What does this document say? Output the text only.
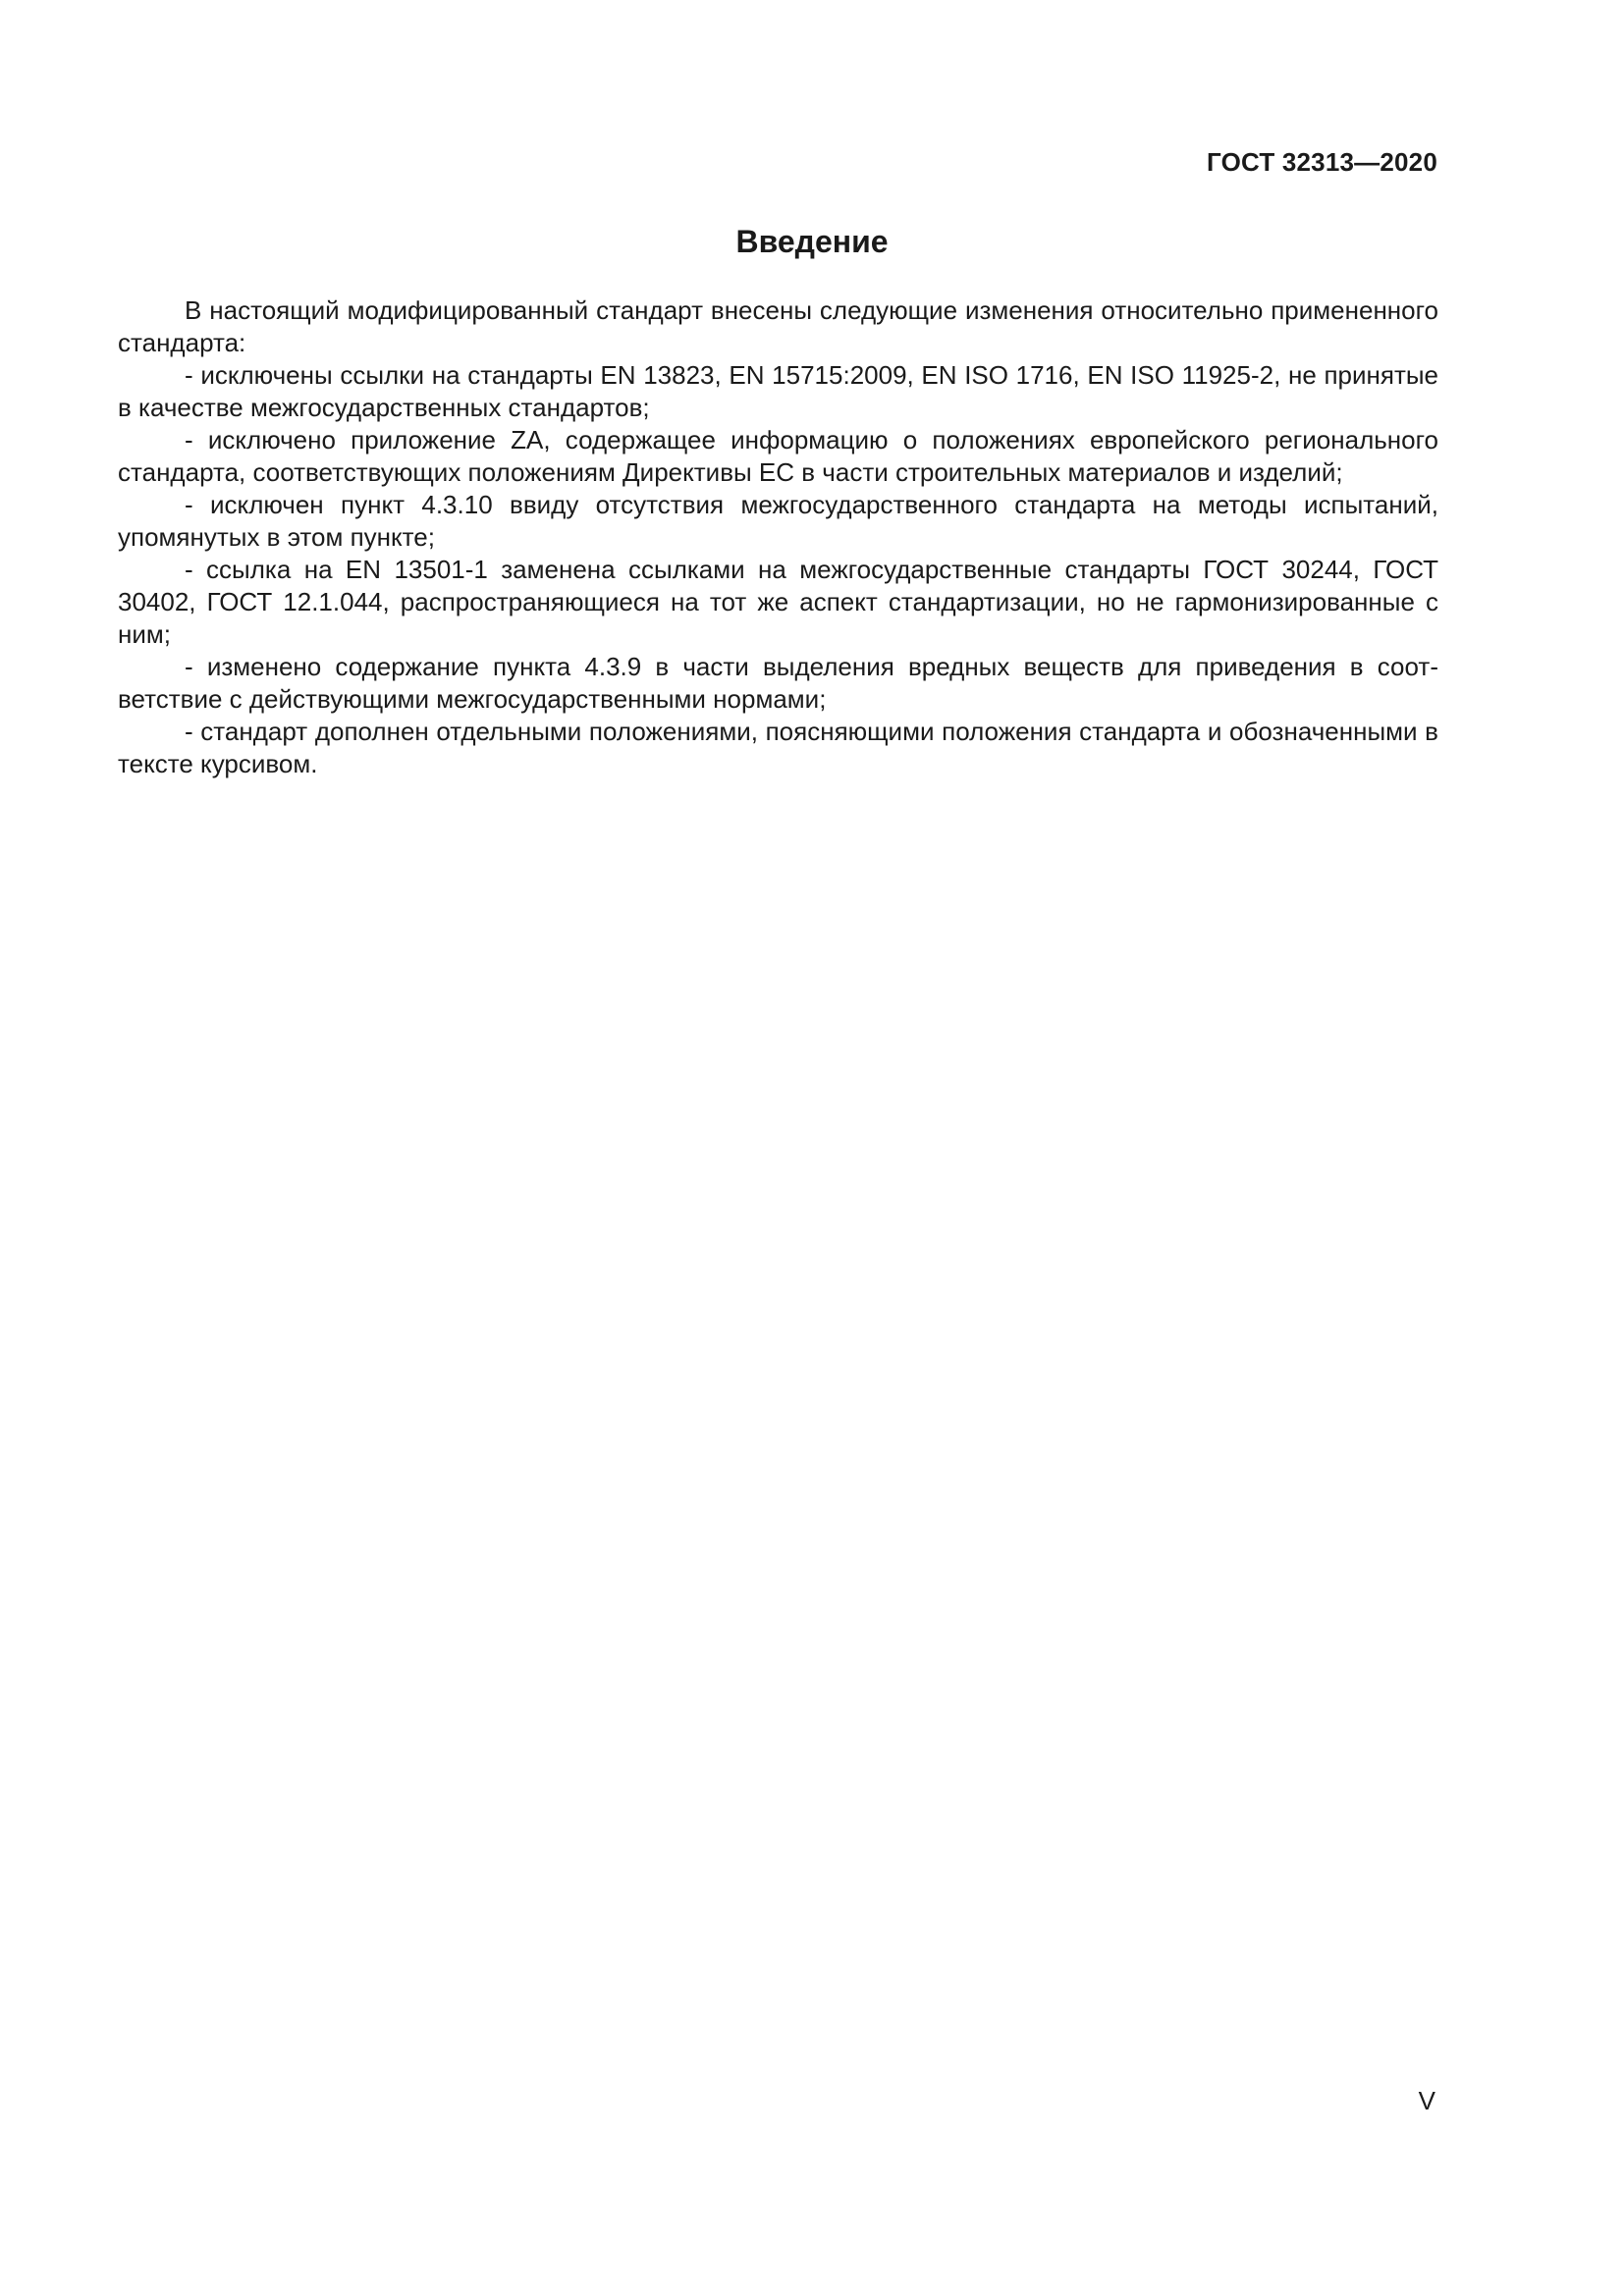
ГОСТ 32313—2020
Введение

В настоящий модифицированный стандарт внесены следующие изменения относительно примененного стандарта:

- исключены ссылки на стандарты EN 13823, EN 15715:2009, EN ISO 1716, EN ISO 11925-2, не принятые в качестве межгосударственных стандартов;

- исключено приложение ZA, содержащее информацию о положениях европейского регионального стандарта, соответствующих положениям Директивы ЕС в части строительных материалов и изделий;

- исключен пункт 4.3.10 ввиду отсутствия межгосударственного стандарта на методы испытаний, упомянутых в этом пункте;

- ссылка на EN 13501-1 заменена ссылками на межгосударственные стандарты ГОСТ 30244, ГОСТ 30402, ГОСТ 12.1.044, распространяющиеся на тот же аспект стандартизации, но не гармонизированные с ним;

- изменено содержание пункта 4.3.9 в части выделения вредных веществ для приведения в соответствие с действующими межгосударственными нормами;

- стандарт дополнен отдельными положениями, поясняющими положения стандарта и обозначенными в тексте курсивом.

V
